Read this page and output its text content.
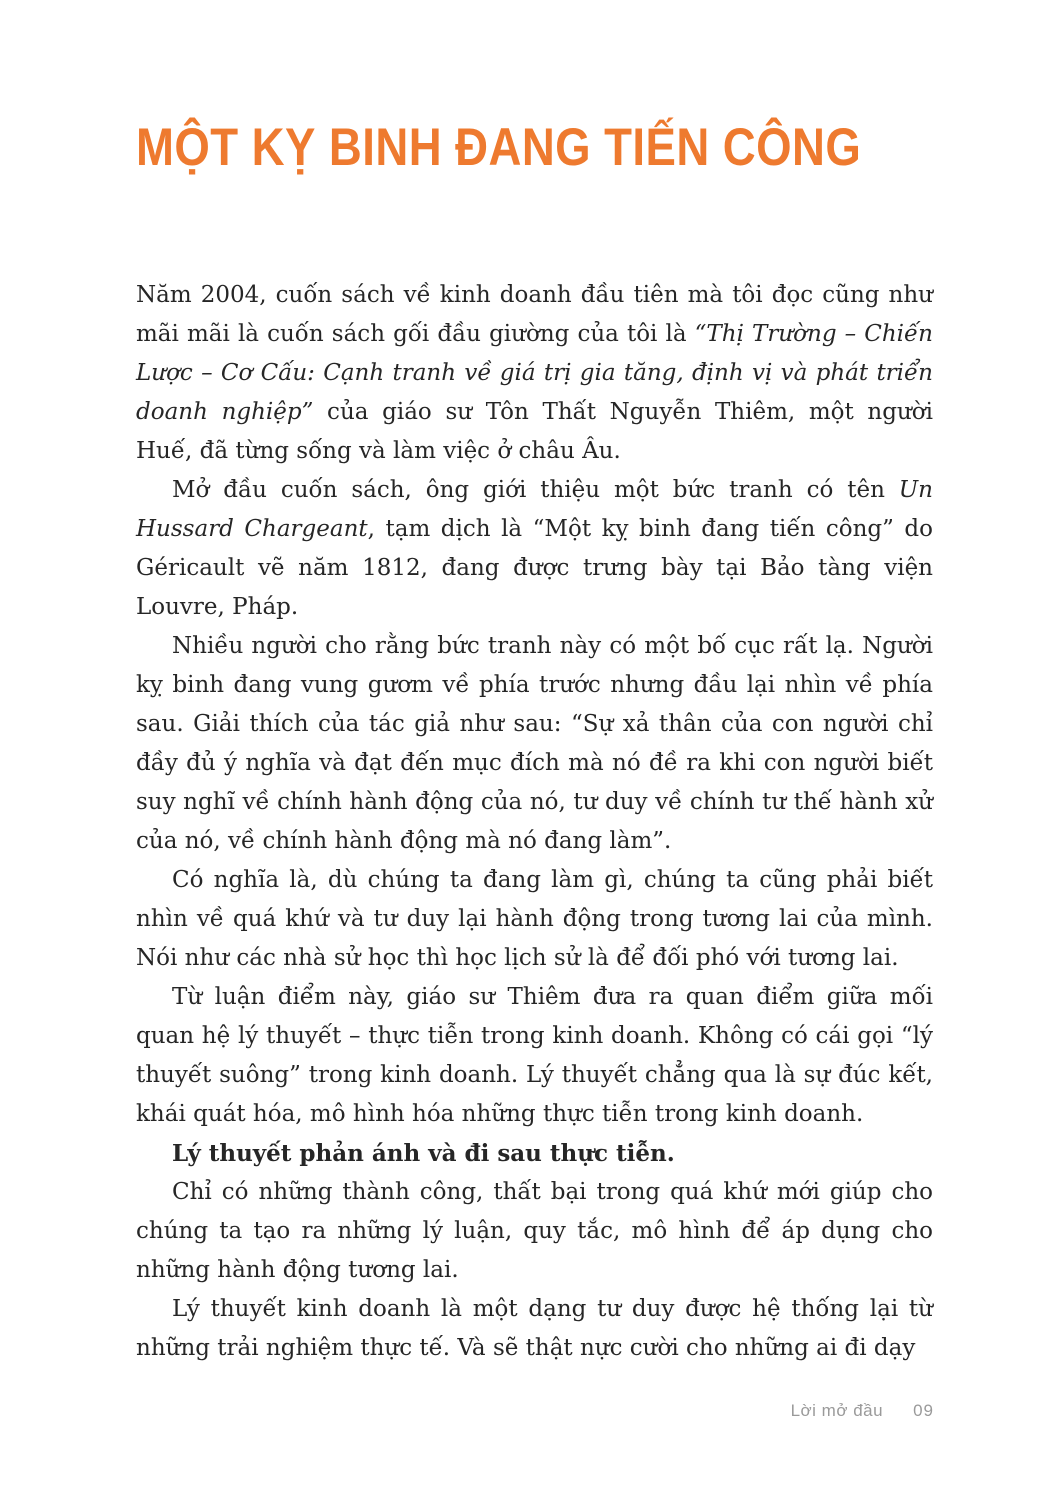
MỘT KỴ BINH ĐANG TIẾN CÔNG

Năm 2004, cuốn sách về kinh doanh đầu tiên mà tôi đọc cũng như mãi mãi là cuốn sách gối đầu giường của tôi là “Thị Trường – Chiến Lược – Cơ Cấu: Cạnh tranh về giá trị gia tăng, định vị và phát triển doanh nghiệp” của giáo sư Tôn Thất Nguyễn Thiêm, một người Huế, đã từng sống và làm việc ở châu Âu.

Mở đầu cuốn sách, ông giới thiệu một bức tranh có tên Un Hussard Chargeant, tạm dịch là “Một kỵ binh đang tiến công” do Géricault vẽ năm 1812, đang được trưng bày tại Bảo tàng viện Louvre, Pháp.

Nhiều người cho rằng bức tranh này có một bố cục rất lạ. Người kỵ binh đang vung gươm về phía trước nhưng đầu lại nhìn về phía sau. Giải thích của tác giả như sau: “Sự xả thân của con người chỉ đầy đủ ý nghĩa và đạt đến mục đích mà nó đề ra khi con người biết suy nghĩ về chính hành động của nó, tư duy về chính tư thế hành xử của nó, về chính hành động mà nó đang làm”.

Có nghĩa là, dù chúng ta đang làm gì, chúng ta cũng phải biết nhìn về quá khứ và tư duy lại hành động trong tương lai của mình. Nói như các nhà sử học thì học lịch sử là để đối phó với tương lai.

Từ luận điểm này, giáo sư Thiêm đưa ra quan điểm giữa mối quan hệ lý thuyết – thực tiễn trong kinh doanh. Không có cái gọi “lý thuyết suông” trong kinh doanh. Lý thuyết chẳng qua là sự đúc kết, khái quát hóa, mô hình hóa những thực tiễn trong kinh doanh.

Lý thuyết phản ánh và đi sau thực tiễn.

Chỉ có những thành công, thất bại trong quá khứ mới giúp cho chúng ta tạo ra những lý luận, quy tắc, mô hình để áp dụng cho những hành động tương lai.

Lý thuyết kinh doanh là một dạng tư duy được hệ thống lại từ những trải nghiệm thực tế. Và sẽ thật nực cười cho những ai đi dạy

Lời mở đầu 09
